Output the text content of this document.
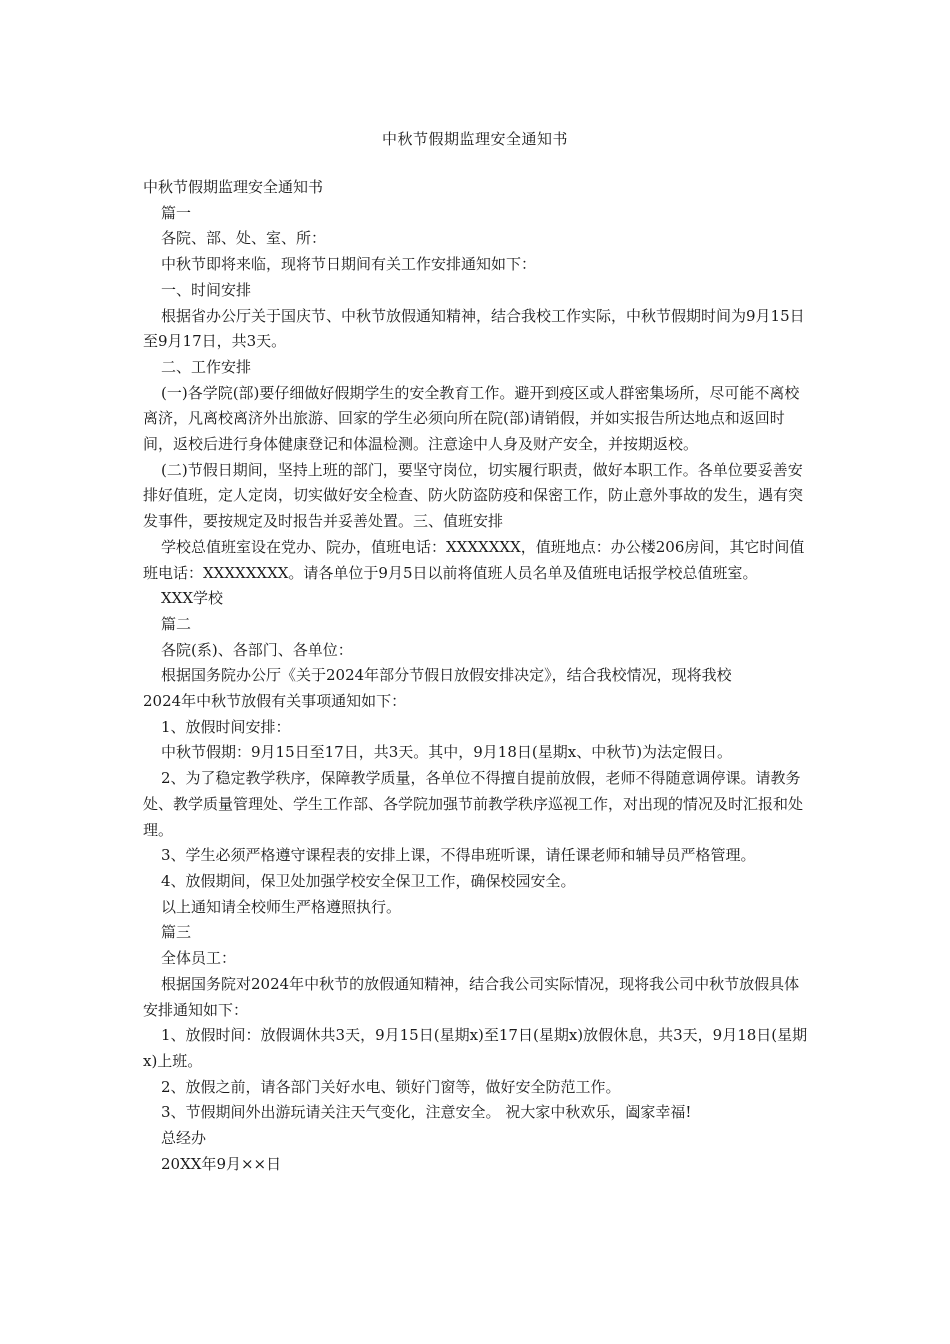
中秋节假期监理安全通知书

中秋节假期监理安全通知书

篇一

各院、部、处、室、所：

中秋节即将来临，现将节日期间有关工作安排通知如下：

一、时间安排

根据省办公厅关于国庆节、中秋节放假通知精神，结合我校工作实际，中秋节假期时间为9月15日至9月17日，共3天。

二、工作安排

(一)各学院(部)要仔细做好假期学生的安全教育工作。避开到疫区或人群密集场所，尽可能不离校离济，凡离校离济外出旅游、回家的学生必须向所在院(部)请销假，并如实报告所达地点和返回时间，返校后进行身体健康登记和体温检测。注意途中人身及财产安全，并按期返校。

(二)节假日期间，坚持上班的部门，要坚守岗位，切实履行职责，做好本职工作。各单位要妥善安排好值班，定人定岗，切实做好安全检查、防火防盗防疫和保密工作，防止意外事故的发生，遇有突发事件，要按规定及时报告并妥善处置。三、值班安排

学校总值班室设在党办、院办，值班电话：XXXXXXX，值班地点：办公楼206房间，其它时间值班电话：XXXXXXXX。请各单位于9月5日以前将值班人员名单及值班电话报学校总值班室。

XXX学校

篇二

各院(系)、各部门、各单位：

根据国务院办公厅《关于2024年部分节假日放假安排决定》，结合我校情况，现将我校

2024年中秋节放假有关事项通知如下：

1、放假时间安排：

中秋节假期：9月15日至17日，共3天。其中，9月18日(星期x、中秋节)为法定假日。

2、为了稳定教学秩序，保障教学质量，各单位不得擅自提前放假，老师不得随意调停课。请教务处、教学质量管理处、学生工作部、各学院加强节前教学秩序巡视工作，对出现的情况及时汇报和处理。

3、学生必须严格遵守课程表的安排上课，不得串班听课，请任课老师和辅导员严格管理。

4、放假期间，保卫处加强学校安全保卫工作，确保校园安全。

以上通知请全校师生严格遵照执行。

篇三

全体员工：

根据国务院对2024年中秋节的放假通知精神，结合我公司实际情况，现将我公司中秋节放假具体安排通知如下：

1、放假时间：放假调休共3天，9月15日(星期x)至17日(星期x)放假休息，共3天，9月18日(星期x)上班。

2、放假之前，请各部门关好水电、锁好门窗等，做好安全防范工作。

3、节假期间外出游玩请关注天气变化，注意安全。 祝大家中秋欢乐，阖家幸福!

总经办

20XX年9月××日
